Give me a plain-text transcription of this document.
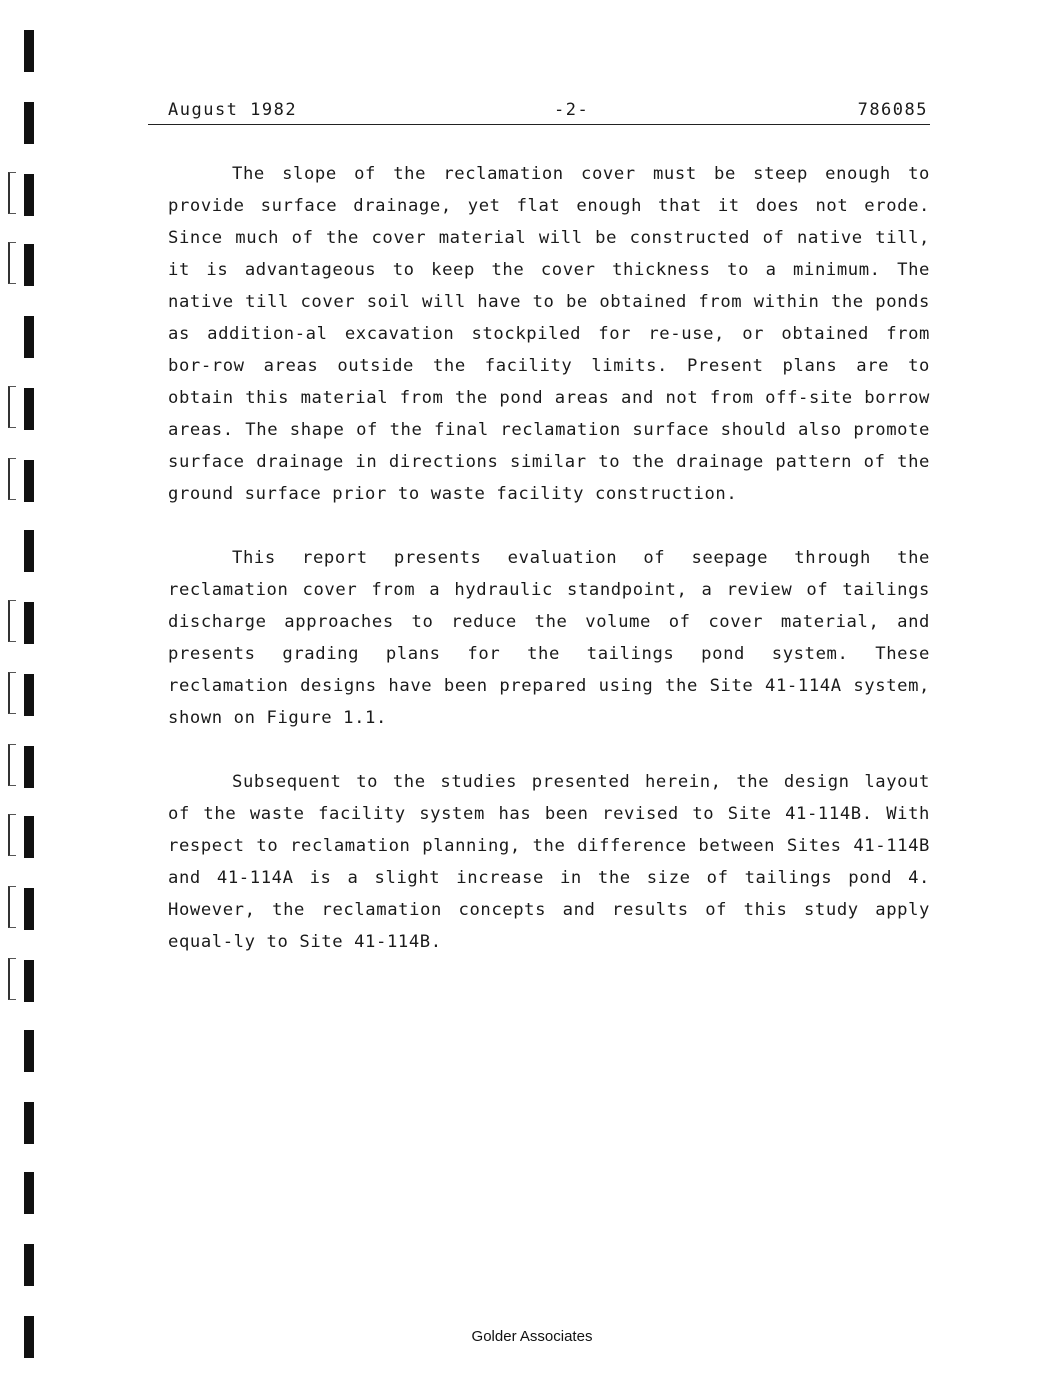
August 1982	-2-	786085

The slope of the reclamation cover must be steep enough to provide surface drainage, yet flat enough that it does not erode. Since much of the cover material will be constructed of native till, it is advantageous to keep the cover thickness to a minimum. The native till cover soil will have to be obtained from within the ponds as addition-al excavation stockpiled for re-use, or obtained from bor-row areas outside the facility limits. Present plans are to obtain this material from the pond areas and not from off-site borrow areas. The shape of the final reclamation surface should also promote surface drainage in directions similar to the drainage pattern of the ground surface prior to waste facility construction.

This report presents evaluation of seepage through the reclamation cover from a hydraulic standpoint, a review of tailings discharge approaches to reduce the volume of cover material, and presents grading plans for the tailings pond system. These reclamation designs have been prepared using the Site 41-114A system, shown on Figure 1.1.

Subsequent to the studies presented herein, the design layout of the waste facility system has been revised to Site 41-114B. With respect to reclamation planning, the difference between Sites 41-114B and 41-114A is a slight increase in the size of tailings pond 4. However, the reclamation concepts and results of this study apply equal-ly to Site 41-114B.

Golder Associates
